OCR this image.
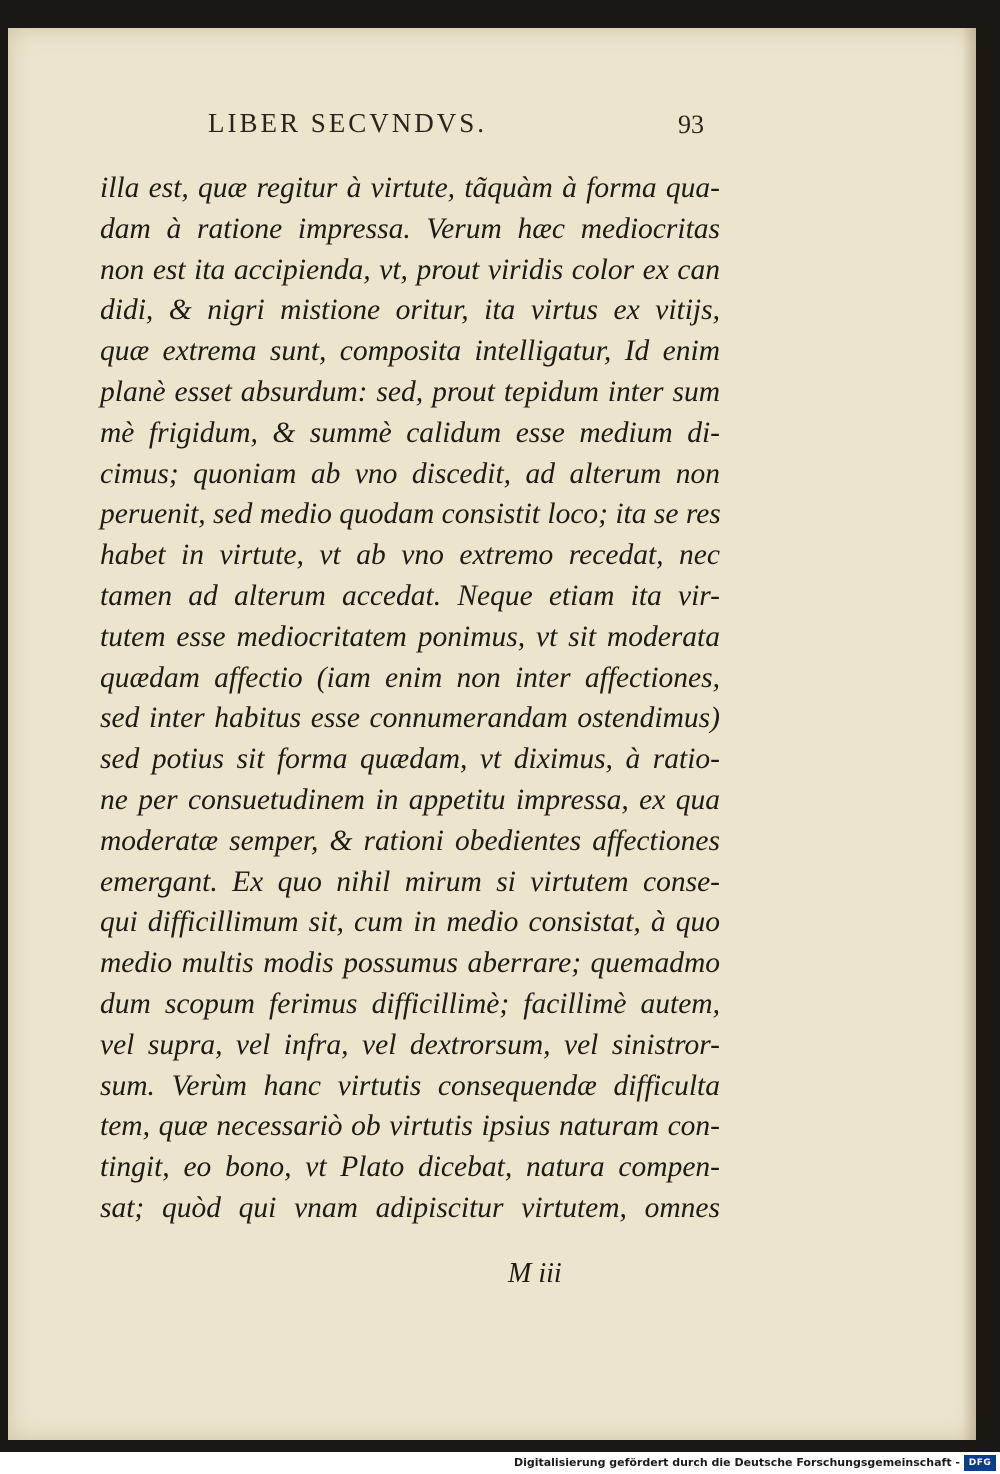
LIBER SECVNDVS.	93
illa est, quæ regitur à virtute, tãquàm à forma qua-
dam à ratione impressa. Verum hæc mediocritas
non est ita accipienda, vt, prout viridis color ex can
didi, & nigri mistione oritur, ita virtus ex vitijs,
quæ extrema sunt, composita intelligatur, Id enim
planè esset absurdum: sed, prout tepidum inter sum
mè frigidum, & summè calidum esse medium di-
cimus; quoniam ab vno discedit, ad alterum non
peruenit, sed medio quodam consistit loco; ita se res
habet in virtute, vt ab vno extremo recedat, nec
tamen ad alterum accedat. Neque etiam ita vir-
tutem esse mediocritatem ponimus, vt sit moderata
quædam affectio (iam enim non inter affectiones,
sed inter habitus esse connumerandam ostendimus)
sed potius sit forma quædam, vt diximus, à ratio-
ne per consuetudinem in appetitu impressa, ex qua
moderatæ semper, & rationi obedientes affectiones
emergant. Ex quo nihil mirum si virtutem conse-
qui difficillimum sit, cum in medio consistat, à quo
medio multis modis possumus aberrare; quemadmo
dum scopum ferimus difficillimè; facillimè autem,
vel supra, vel infra, vel dextrorsum, vel sinistror-
sum. Verùm hanc virtutis consequendæ difficulta
tem, quæ necessariò ob virtutis ipsius naturam con-
tingit, eo bono, vt Plato dicebat, natura compen-
sat; quòd qui vnam adipiscitur virtutem, omnes
M iii
Digitalisierung gefördert durch die Deutsche Forschungsgemeinschaft - DFG
